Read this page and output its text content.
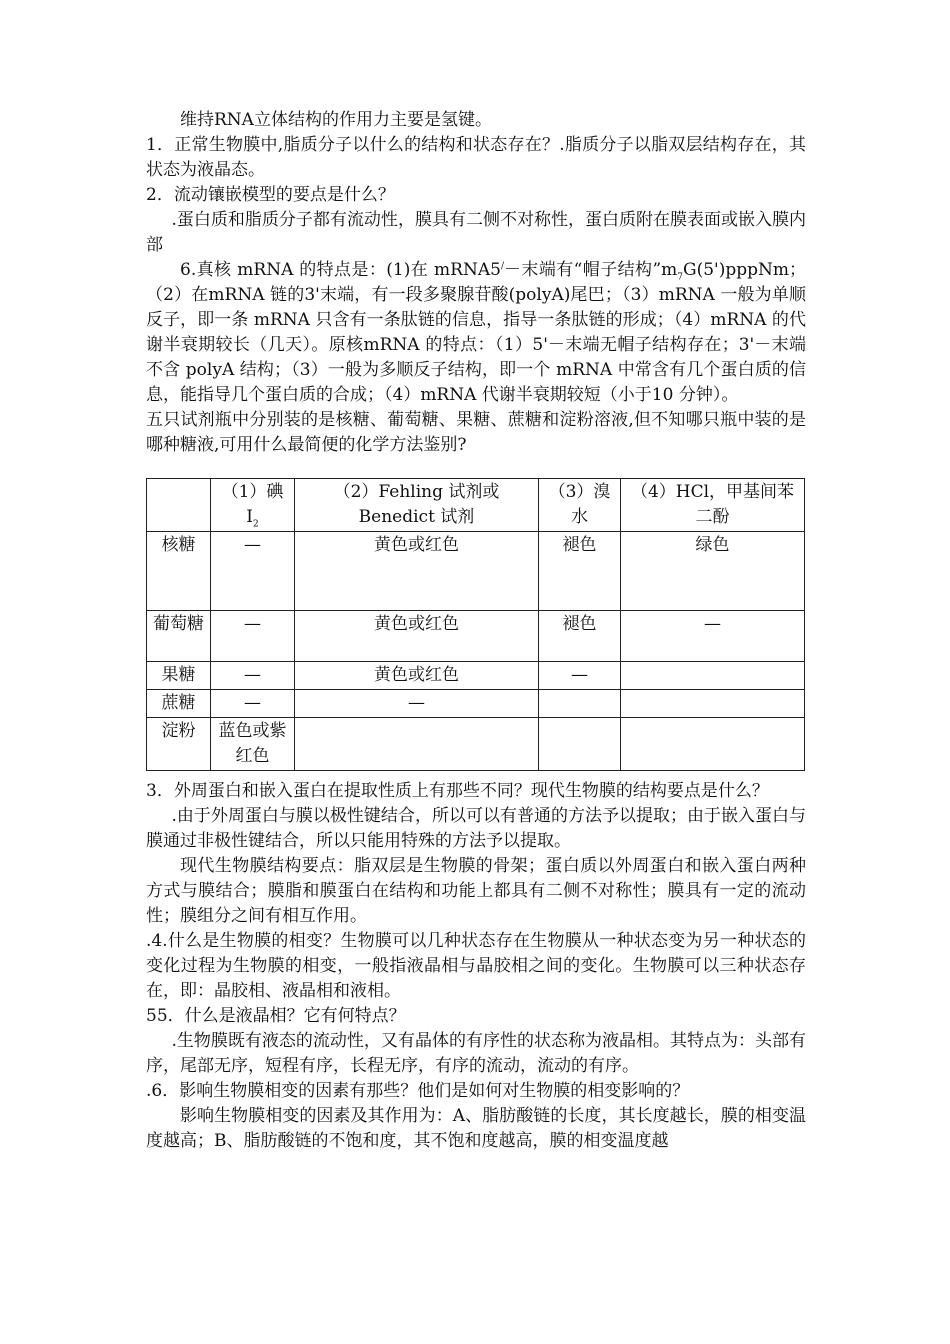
维持RNA立体结构的作用力主要是氢键。

1．正常生物膜中,脂质分子以什么的结构和状态存在？.脂质分子以脂双层结构存在，其状态为液晶态。

2．流动镶嵌模型的要点是什么？

.蛋白质和脂质分子都有流动性，膜具有二侧不对称性，蛋白质附在膜表面或嵌入膜内部

6.真核 mRNA 的特点是：(1)在 mRNA5/－末端有“帽子结构$”m_7G(5')pppNm$；（2）在mRNA 链的3'末端，有一段多聚腺苷酸(polyA)尾巴；（3）mRNA 一般为单顺反子，即一条 mRNA 只含有一条肽链的信息，指导一条肽链的形成；（4）mRNA 的代谢半衰期较长（几天）。原核mRNA 的特点：（1）5'－末端无帽子结构存在；3'－末端不含 polyA 结构；（3）一般为多顺反子结构，即一个 mRNA 中常含有几个蛋白质的信息，能指导几个蛋白质的合成；（4）mRNA 代谢半衰期较短（小于10 分钟）。

五只试剂瓶中分别装的是核糖、葡萄糖、果糖、蔗糖和淀粉溶液,但不知哪只瓶中装的是哪种糖液,可用什么最简便的化学方法鉴别?

	（1）碘 $I_2$	（2）Fehling 试剂或Benedict 试剂	（3）溴水	（4）HCl，甲基间苯二酚
核糖	—	黄色或红色	褪色	绿色
葡萄糖	—	黄色或红色	褪色	—
果糖	—	黄色或红色	—	
蔗糖	—	—		
淀粉	蓝色或紫红色			

3．外周蛋白和嵌入蛋白在提取性质上有那些不同？现代生物膜的结构要点是什么？

.由于外周蛋白与膜以极性键结合，所以可以有普通的方法予以提取；由于嵌入蛋白与膜通过非极性键结合，所以只能用特殊的方法予以提取。

现代生物膜结构要点：脂双层是生物膜的骨架；蛋白质以外周蛋白和嵌入蛋白两种方式与膜结合；膜脂和膜蛋白在结构和功能上都具有二侧不对称性；膜具有一定的流动性；膜组分之间有相互作用。

.4.什么是生物膜的相变？生物膜可以几种状态存在生物膜从一种状态变为另一种状态的变化过程为生物膜的相变，一般指液晶相与晶胶相之间的变化。生物膜可以三种状态存在，即：晶胶相、液晶相和液相。

55．什么是液晶相？它有何特点？

.生物膜既有液态的流动性，又有晶体的有序性的状态称为液晶相。其特点为：头部有序，尾部无序，短程有序，长程无序，有序的流动，流动的有序。

.6．影响生物膜相变的因素有那些？他们是如何对生物膜的相变影响的？

影响生物膜相变的因素及其作用为：A、脂肪酸链的长度，其长度越长，膜的相变温度越高；B、脂肪酸链的不饱和度，其不饱和度越高，膜的相变温度越
